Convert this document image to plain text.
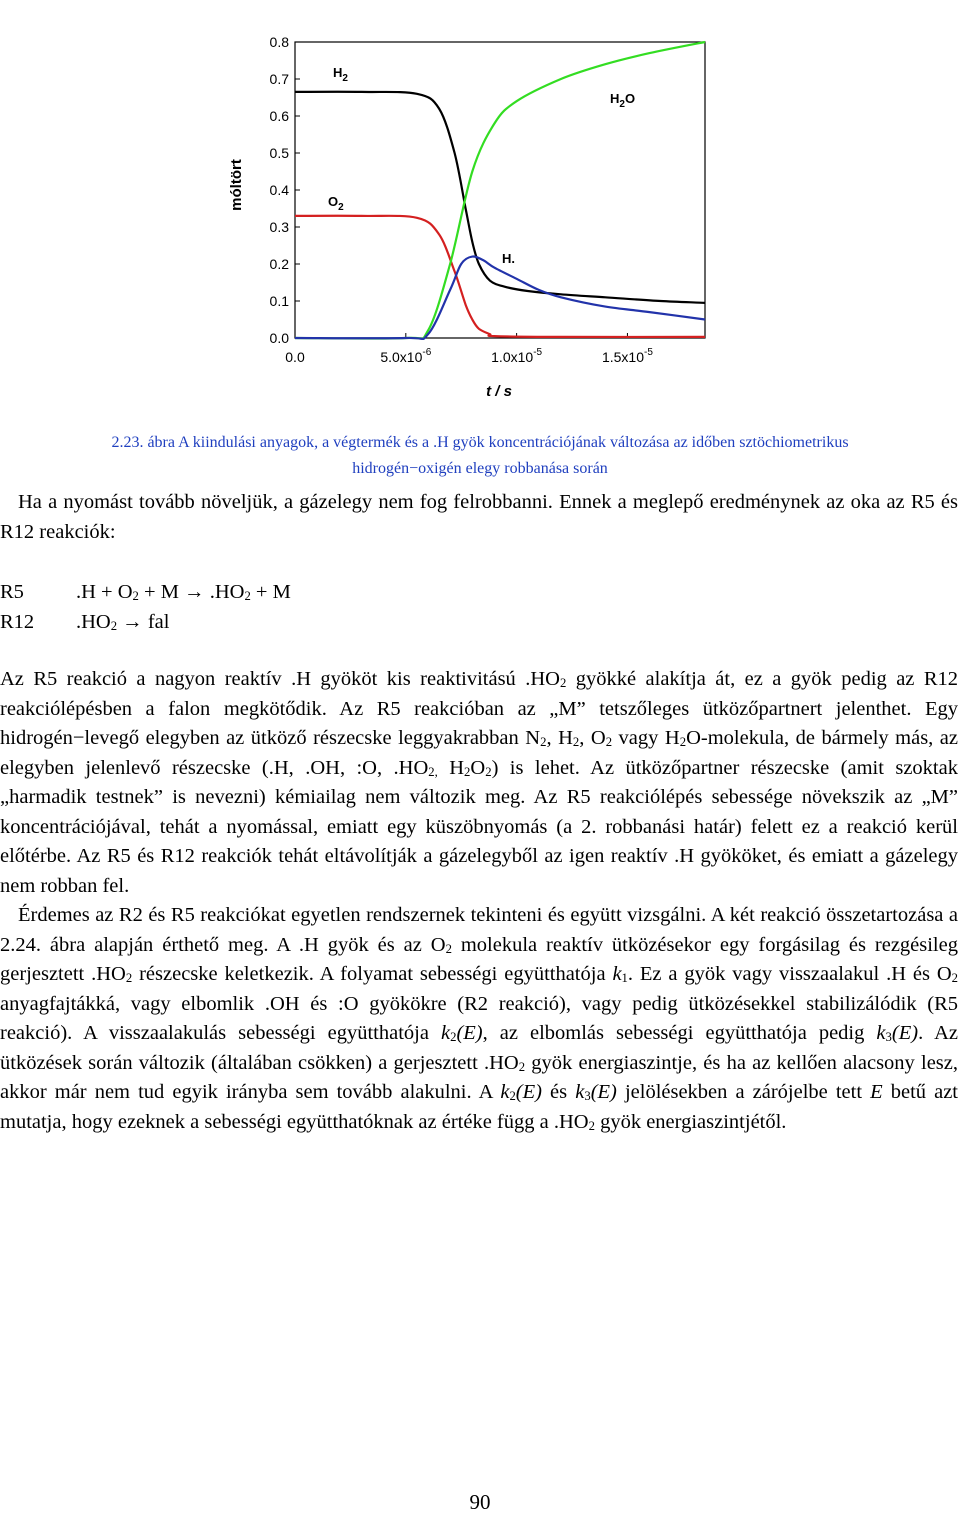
0.0
0.1
0.2
0.3
0.4
0.5
0.6
0.7
0.8
0.0	$5.0x10^{-6}$	$1.0x10^{-5}$	$1.5x10^{-5}$
$H_2$
$O_2$
$H_2O$
H.
móltört
t / s
2.23. ábra A kiindulási anyagok, a végtermék és a .H gyök koncentrációjának változása az időben sztöchiometrikus
hidrogén−oxigén elegy robbanása során
Ha a nyomást tovább növeljük, a gázelegy nem fog felrobbanni. Ennek a meglepő eredménynek az oka az R5 és R12 reakciók:
R5	$.H + O_2 + M \to .HO_2 + M$
R12	$.HO_2$ → fal
Az R5 reakció a nagyon reaktív .H gyököt kis reaktivitású $.HO_2$ gyökké alakítja át, ez a gyök pedig az R12 reakciólépésben a falon megkötődik. Az R5 reakcióban az „M” tetszőleges ütközőpartnert jelenthet. Egy hidrogén−levegő elegyben az ütköző részecske leggyakrabban $N_2$, $H_2$, $O_2$ vagy $H_2O$-molekula, de bármely más, az elegyben jelenlevő részecske (.H, .OH, :O, $.HO_{2,}$ $H_2O_2$) is lehet. Az ütközőpartner részecske (amit szoktak „harmadik testnek” is nevezni) kémiailag nem változik meg. Az R5 reakciólépés sebessége növekszik az „M” koncentrációjával, tehát a nyomással, emiatt egy küszöbnyomás (a 2. robbanási határ) felett ez a reakció kerül előtérbe. Az R5 és R12 reakciók tehát eltávolítják a gázelegyből az igen reaktív .H gyököket, és emiatt a gázelegy nem robban fel.
Érdemes az R2 és R5 reakciókat egyetlen rendszernek tekinteni és együtt vizsgálni. A két reakció összetartozása a 2.24. ábra alapján érthető meg. A .H gyök és az $O_2$ molekula reaktív ütközésekor egy forgásilag és rezgésileg gerjesztett $.HO_2$ részecske keletkezik. A folyamat sebességi együtthatója $k_1$. Ez a gyök vagy visszaalakul .H és $O_2$ anyagfajtákká, vagy elbomlik .OH és :O gyökökre (R2 reakció), vagy pedig ütközésekkel stabilizálódik (R5 reakció). A visszaalakulás sebességi együtthatója $k_2(E)$, az elbomlás sebességi együtthatója pedig $k_3(E)$. Az ütközések során változik (általában csökken) a gerjesztett $.HO_2$ gyök energiaszintje, és ha az kellően alacsony lesz, akkor már nem tud egyik irányba sem tovább alakulni. A $k_2(E)$ és $k_3(E)$ jelölésekben a zárójelbe tett E betű azt mutatja, hogy ezeknek a sebességi együtthatóknak az értéke függ a $.HO_2$ gyök energiaszintjétől.
90
